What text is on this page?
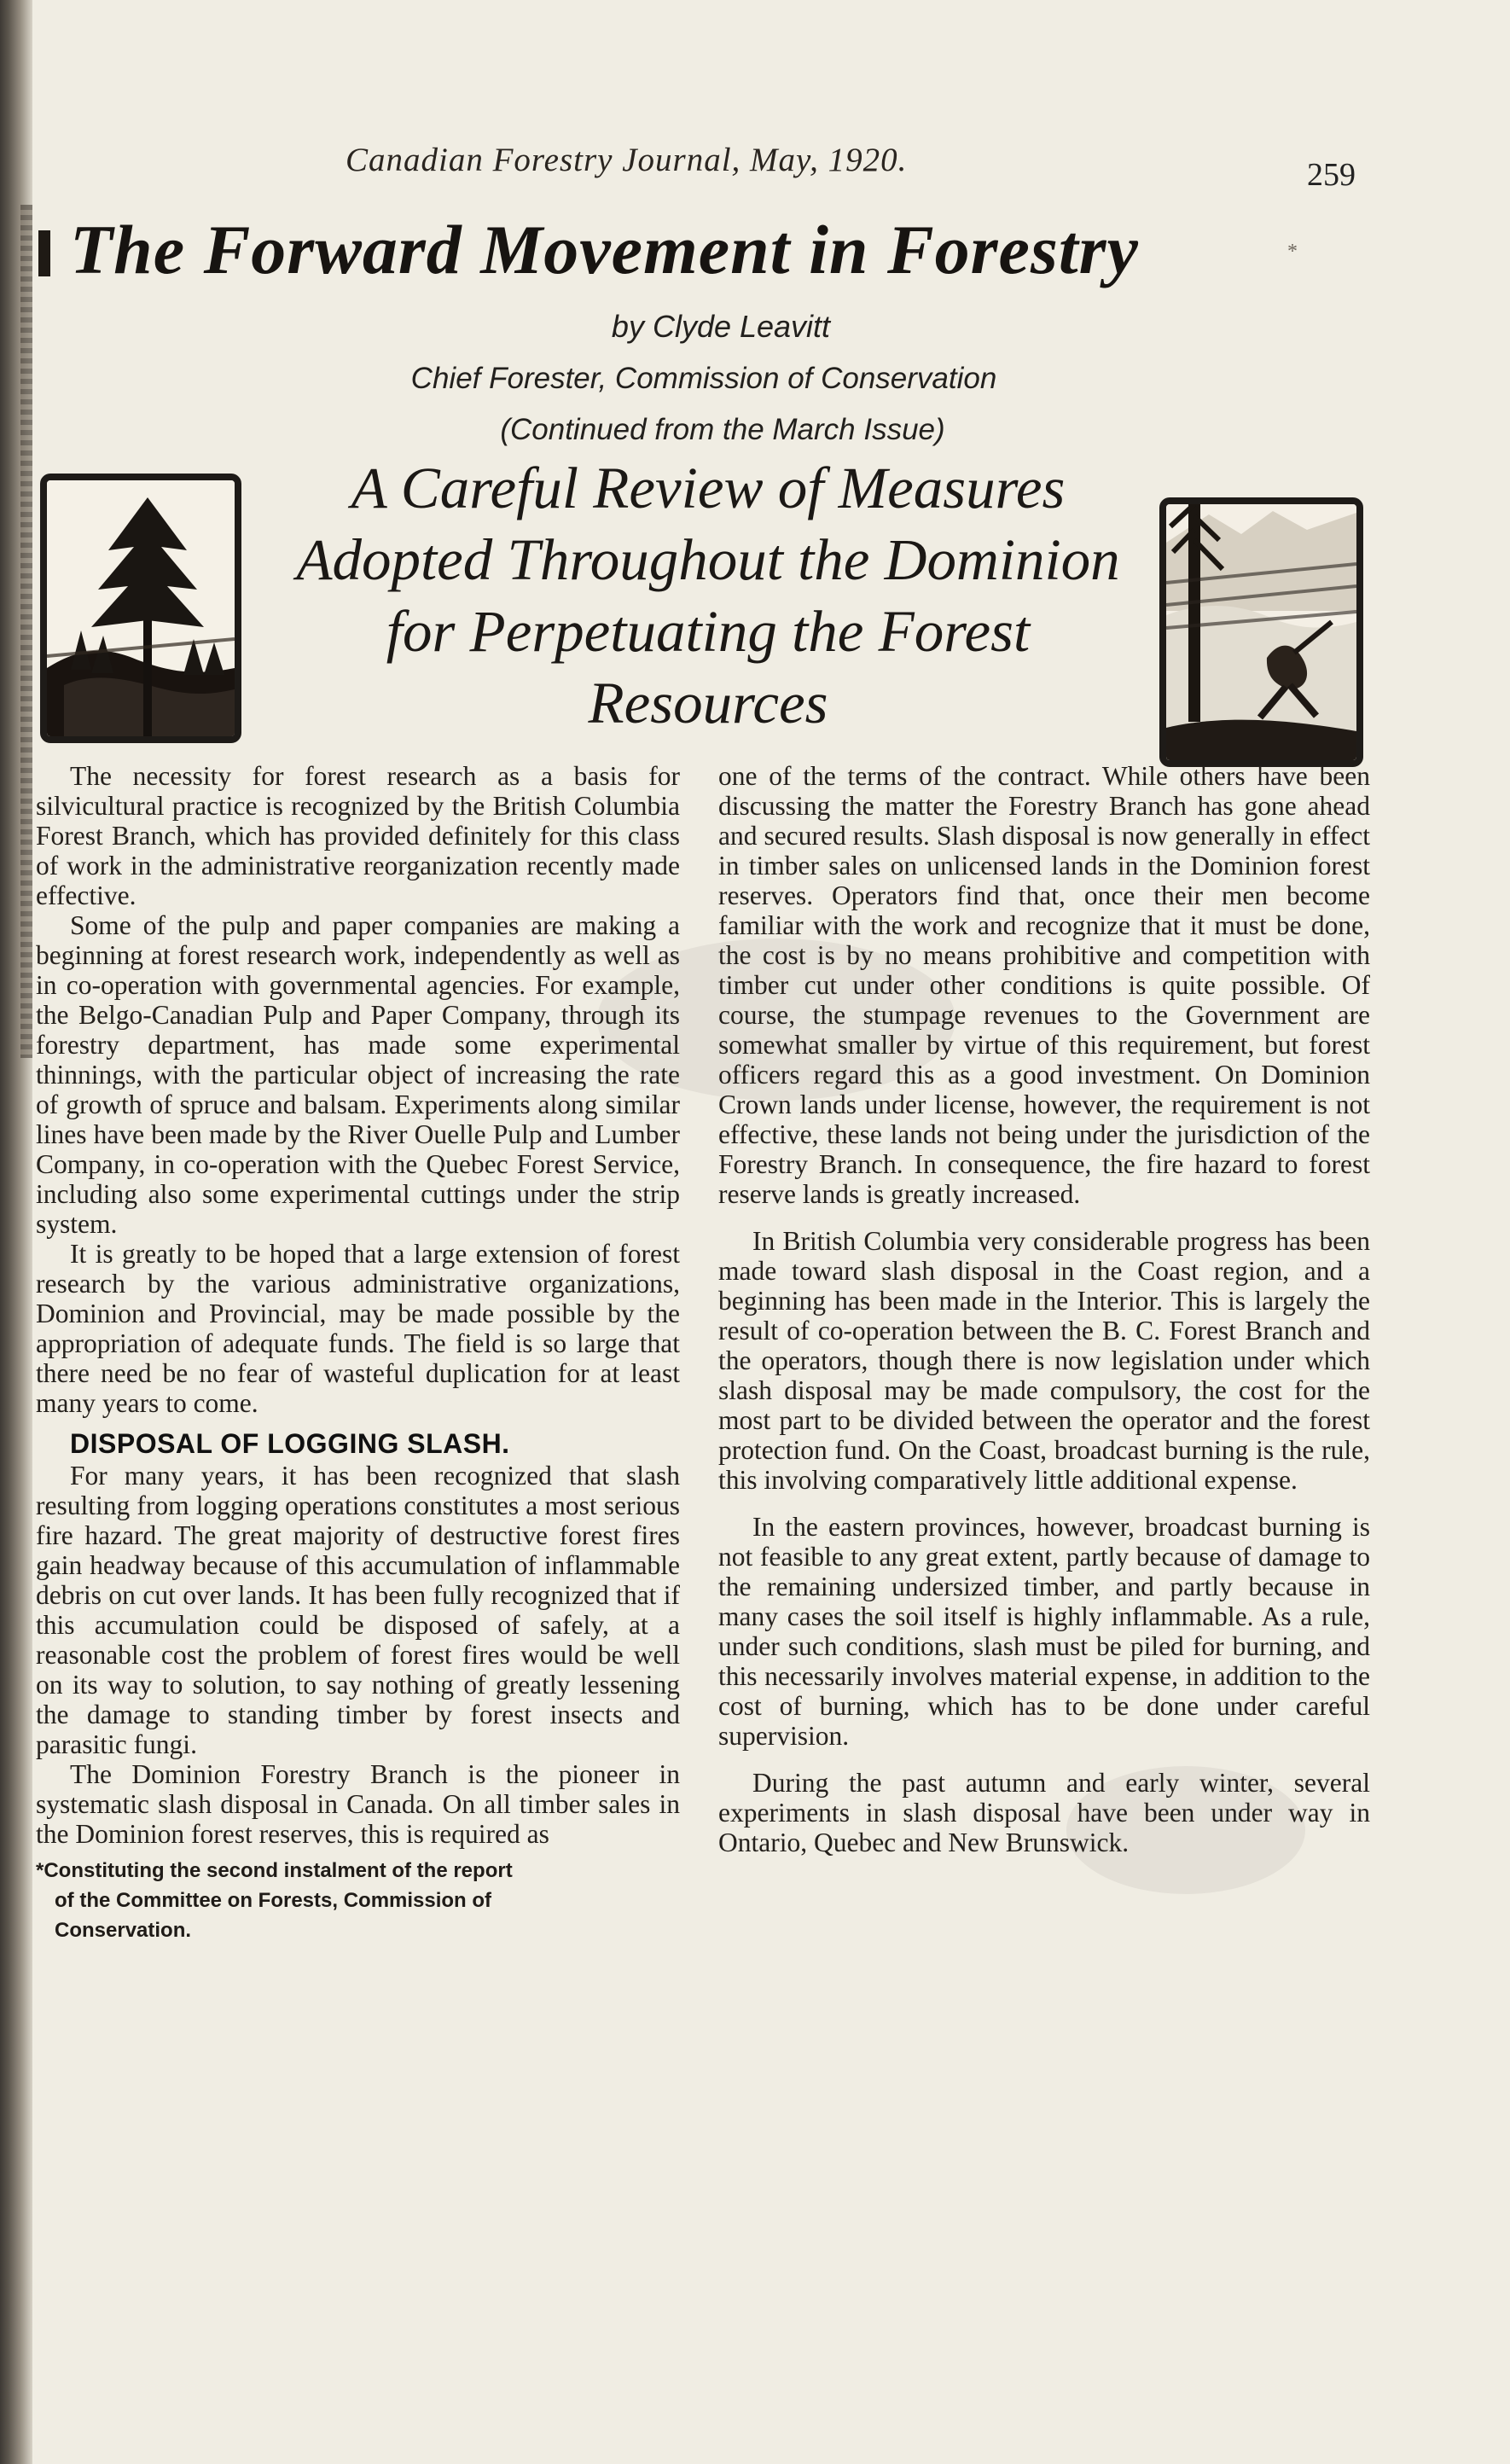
Canadian Forestry Journal, May, 1920.	259
The Forward Movement in Forestry	*
by Clyde Leavitt
Chief Forester, Commission of Conservation
(Continued from the March Issue)
A Careful Review of Measures
Adopted Throughout the Dominion
for Perpetuating the Forest
Resources

The necessity for forest research as a basis for silvicultural practice is recognized by the British Columbia Forest Branch, which has provided definitely for this class of work in the administrative reorganization recently made effective.

Some of the pulp and paper companies are making a beginning at forest research work, independently as well as in co-operation with governmental agencies. For example, the Belgo-Canadian Pulp and Paper Company, through its forestry department, has made some experimental thinnings, with the particular object of increasing the rate of growth of spruce and balsam. Experiments along similar lines have been made by the River Ouelle Pulp and Lumber Company, in co-operation with the Quebec Forest Service, including also some experimental cuttings under the strip system.

It is greatly to be hoped that a large extension of forest research by the various administrative organizations, Dominion and Provincial, may be made possible by the appropriation of adequate funds. The field is so large that there need be no fear of wasteful duplication for at least many years to come.

DISPOSAL OF LOGGING SLASH.

For many years, it has been recognized that slash resulting from logging operations constitutes a most serious fire hazard. The great majority of destructive forest fires gain headway because of this accumulation of inflammable debris on cut over lands. It has been fully recognized that if this accumulation could be disposed of safely, at a reasonable cost the problem of forest fires would be well on its way to solution, to say nothing of greatly lessening the damage to standing timber by forest insects and parasitic fungi.

The Dominion Forestry Branch is the pioneer in systematic slash disposal in Canada. On all timber sales in the Dominion forest reserves, this is required as

*Constituting the second instalment of the report
of the Committee on Forests, Commission of
Conservation.

one of the terms of the contract. While others have been discussing the matter the Forestry Branch has gone ahead and secured results. Slash disposal is now generally in effect in timber sales on unlicensed lands in the Dominion forest reserves. Operators find that, once their men become familiar with the work and recognize that it must be done, the cost is by no means prohibitive and competition with timber cut under other conditions is quite possible. Of course, the stumpage revenues to the Government are somewhat smaller by virtue of this requirement, but forest officers regard this as a good investment. On Dominion Crown lands under license, however, the requirement is not effective, these lands not being under the jurisdiction of the Forestry Branch. In consequence, the fire hazard to forest reserve lands is greatly increased.

In British Columbia very considerable progress has been made toward slash disposal in the Coast region, and a beginning has been made in the Interior. This is largely the result of co-operation between the B. C. Forest Branch and the operators, though there is now legislation under which slash disposal may be made compulsory, the cost for the most part to be divided between the operator and the forest protection fund. On the Coast, broadcast burning is the rule, this involving comparatively little additional expense.

In the eastern provinces, however, broadcast burning is not feasible to any great extent, partly because of damage to the remaining undersized timber, and partly because in many cases the soil itself is highly inflammable. As a rule, under such conditions, slash must be piled for burning, and this necessarily involves material expense, in addition to the cost of burning, which has to be done under careful supervision.

During the past autumn and early winter, several experiments in slash disposal have been under way in Ontario, Quebec and New Brunswick.
